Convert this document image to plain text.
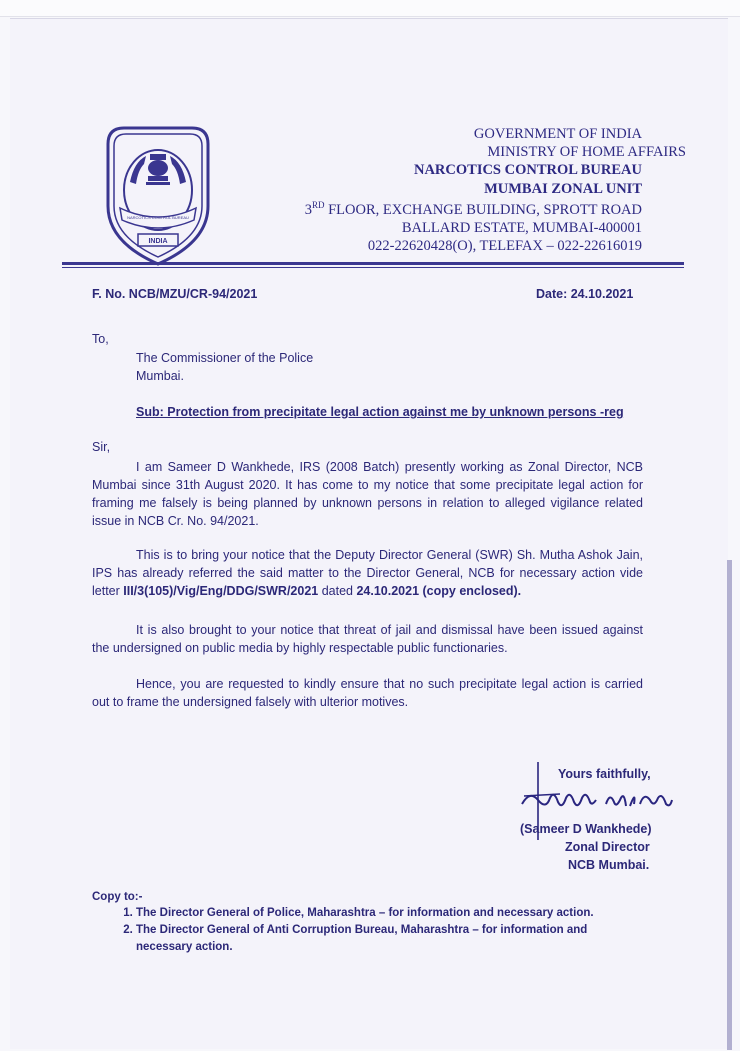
NARCOTICS CONTROL BUREAU
INDIA
GOVERNMENT OF INDIA
MINISTRY OF HOME AFFAIRS
NARCOTICS CONTROL BUREAU
MUMBAI ZONAL UNIT
3RD FLOOR, EXCHANGE BUILDING, SPROTT ROAD
BALLARD ESTATE, MUMBAI-400001
022-22620428(O), TELEFAX – 022-22616019
F. No. NCB/MZU/CR-94/2021	Date: 24.10.2021
To,
The Commissioner of the Police
Mumbai.
Sub: Protection from precipitate legal action against me by unknown persons -reg
Sir,
I am Sameer D Wankhede, IRS (2008 Batch) presently working as Zonal Director, NCB Mumbai since 31th August 2020. It has come to my notice that some precipitate legal action for framing me falsely is being planned by unknown persons in relation to alleged vigilance related issue in NCB Cr. No. 94/2021.
This is to bring your notice that the Deputy Director General (SWR) Sh. Mutha Ashok Jain, IPS has already referred the said matter to the Director General, NCB for necessary action vide letter III/3(105)/Vig/Eng/DDG/SWR/2021 dated 24.10.2021 (copy enclosed).
It is also brought to your notice that threat of jail and dismissal have been issued against the undersigned on public media by highly respectable public functionaries.
Hence, you are requested to kindly ensure that no such precipitate legal action is carried out to frame the undersigned falsely with ulterior motives.
Yours faithfully,
(Sameer D Wankhede)
Zonal Director
NCB Mumbai.
Copy to:-
1. The Director General of Police, Maharashtra – for information and necessary action.
2. The Director General of Anti Corruption Bureau, Maharashtra – for information and necessary action.
